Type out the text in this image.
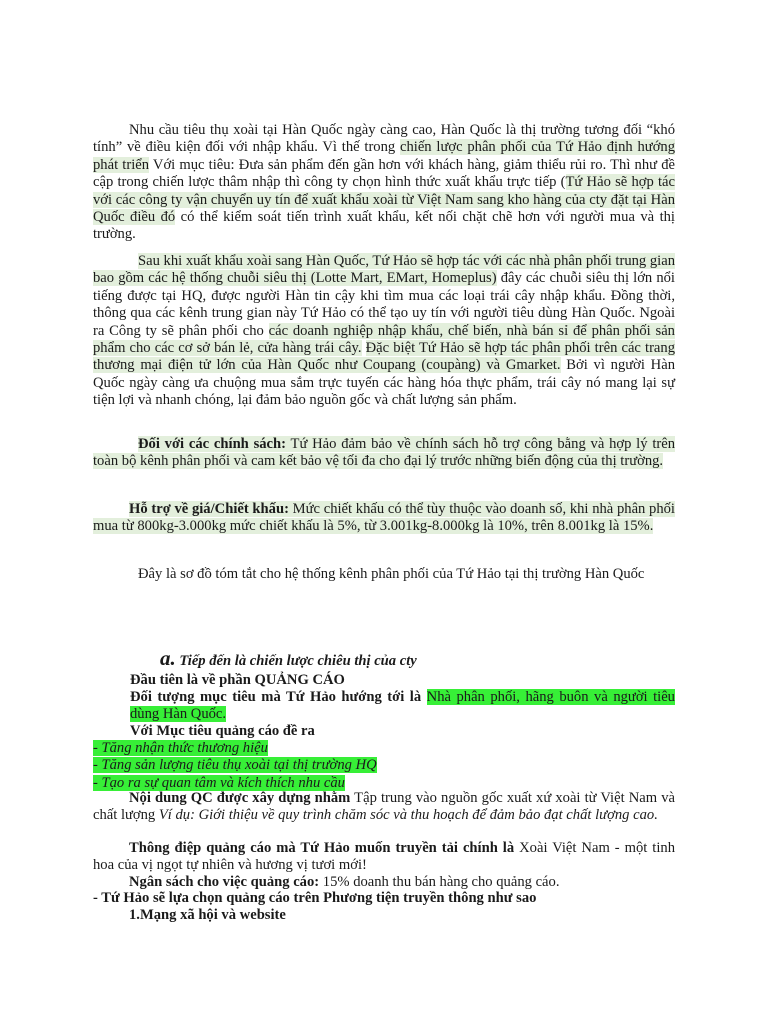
Nhu cầu tiêu thụ xoài tại Hàn Quốc ngày càng cao, Hàn Quốc là thị trường tương đối “khó tính” về điều kiện đối với nhập khẩu. Vì thế trong chiến lược phân phối của Tứ Hảo định hướng phát triển Với mục tiêu: Đưa sản phẩm đến gần hơn với khách hàng, giảm thiểu rủi ro. Thì như đề cập trong chiến lược thâm nhập thì công ty chọn hình thức xuất khẩu trực tiếp (Tứ Hảo sẽ hợp tác với các công ty vận chuyển uy tín để xuất khẩu xoài từ Việt Nam sang kho hàng của cty đặt tại Hàn Quốc điều đó có thể kiểm soát tiến trình xuất khẩu, kết nối chặt chẽ hơn với người mua và thị trường.

Sau khi xuất khẩu xoài sang Hàn Quốc, Tứ Hảo sẽ hợp tác với các nhà phân phối trung gian bao gồm các hệ thống chuỗi siêu thị (Lotte Mart, EMart, Homeplus) đây các chuỗi siêu thị lớn nổi tiếng được tại HQ, được người Hàn tin cậy khi tìm mua các loại trái cây nhập khẩu. Đồng thời, thông qua các kênh trung gian này Tứ Hảo có thể tạo uy tín với người tiêu dùng Hàn Quốc. Ngoài ra Công ty sẽ phân phối cho các doanh nghiệp nhập khẩu, chế biến, nhà bán sỉ để phân phối sản phẩm cho các cơ sở bán lẻ, cửa hàng trái cây. Đặc biệt Tứ Hảo sẽ hợp tác phân phối trên các trang thương mại điện tử lớn của Hàn Quốc như Coupang (coupàng) và Gmarket. Bởi vì người Hàn Quốc ngày càng ưa chuộng mua sắm trực tuyến các hàng hóa thực phẩm, trái cây nó mang lại sự tiện lợi và nhanh chóng, lại đảm bảo nguồn gốc và chất lượng sản phẩm.

Đối với các chính sách: Tứ Hảo đảm bảo về chính sách hỗ trợ công bằng và hợp lý trên toàn bộ kênh phân phối và cam kết bảo vệ tối đa cho đại lý trước những biến động của thị trường.

Hỗ trợ về giá/Chiết khấu: Mức chiết khấu có thể tùy thuộc vào doanh số, khi nhà phân phối mua từ 800kg-3.000kg mức chiết khấu là 5%, từ 3.001kg-8.000kg là 10%, trên 8.001kg là 15%.

Đây là sơ đồ tóm tắt cho hệ thống kênh phân phối của Tứ Hảo tại thị trường Hàn Quốc

a. Tiếp đến là chiến lược chiêu thị của cty
Đầu tiên là về phần QUẢNG CÁO

Đối tượng mục tiêu mà Tứ Hảo hướng tới là Nhà phân phối, hãng buôn và người tiêu dùng Hàn Quốc.

Với Mục tiêu quảng cáo đề ra
- Tăng nhận thức thương hiệu
- Tăng sản lượng tiêu thụ xoài tại thị trường HQ
- Tạo ra sự quan tâm và kích thích nhu cầu

Nội dung QC được xây dựng nhằm Tập trung vào nguồn gốc xuất xứ xoài từ Việt Nam và chất lượng Ví dụ: Giới thiệu về quy trình chăm sóc và thu hoạch để đảm bảo đạt chất lượng cao.

Thông điệp quảng cáo mà Tứ Hảo muốn truyền tải chính là Xoài Việt Nam - một tinh hoa của vị ngọt tự nhiên và hương vị tươi mới!

Ngân sách cho việc quảng cáo: 15% doanh thu bán hàng cho quảng cáo.

- Tứ Hảo sẽ lựa chọn quảng cáo trên Phương tiện truyền thông như sao
1.Mạng xã hội và website
